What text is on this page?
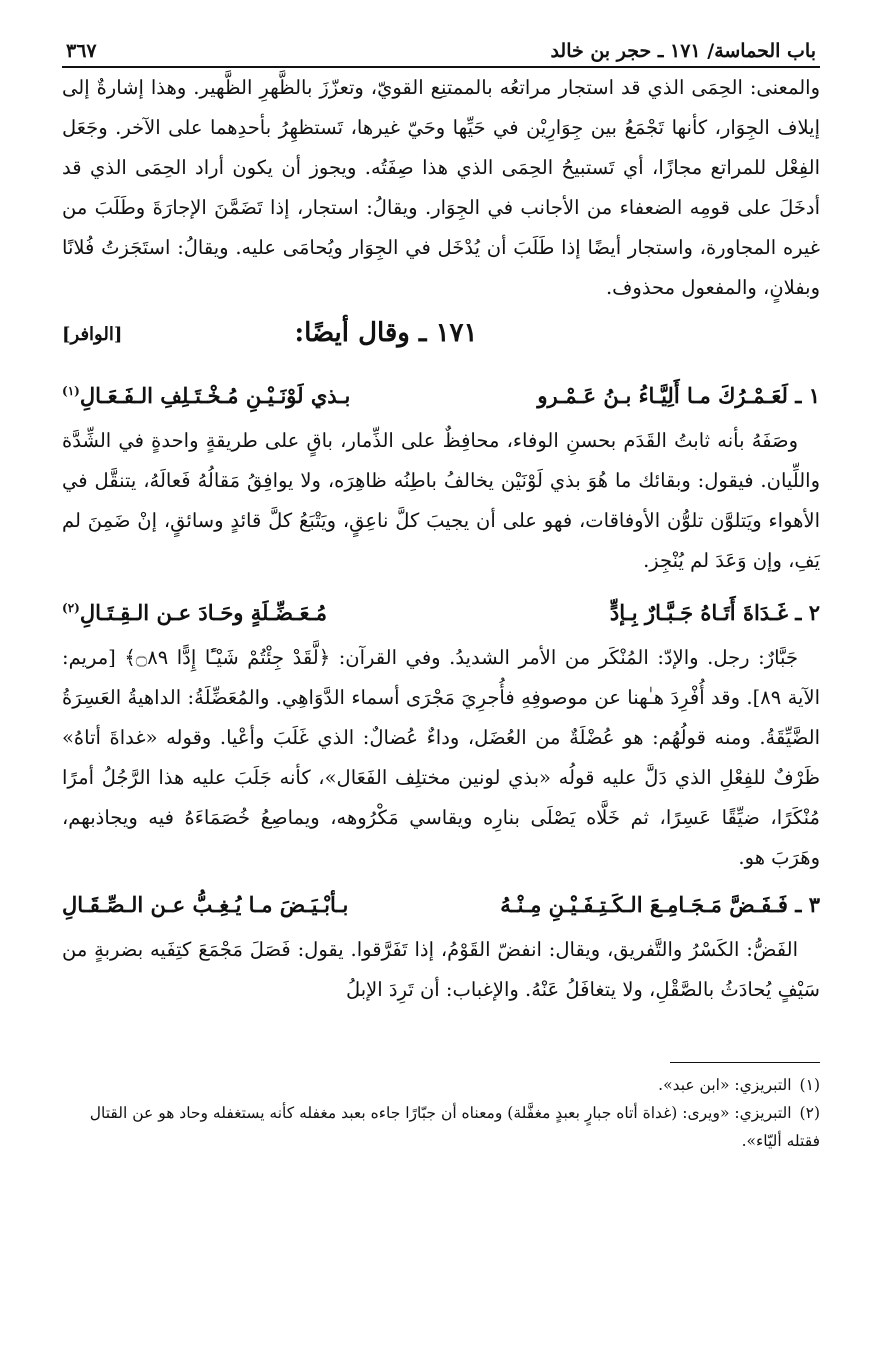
باب الحماسة/ ١٧١ ـ حجر بن خالد
٣٦٧

والمعنى: الحِمَى الذي قد استجار مراتعُه بالممتنِع القويّ، وتعزّزَ بالظَّهرِ الظَّهير. وهذا إشارةٌ إلى إيلاف الجِوَار، كأنها تَجْمَعُ بين جِوَارِيْن في حَيِّها وحَيّ غيرها، تَستظهِرُ بأحدِهما على الآخر. وجَعَل الفِعْل للمراتع مجازًا، أي تَستبيحُ الحِمَى الذي هذا صِفَتُه. ويجوز أن يكون أراد الحِمَى الذي قد أدخَلَ على قومِه الضعفاء من الأجانب في الجِوَار. ويقالُ: استجار، إذا تَضَمَّنَ الإجارَةَ وطَلَبَ من غيره المجاورة، واستجار أيضًا إذا طَلَبَ أن يُدْخَل في الجِوَار ويُحامَى عليه. ويقالُ: استَجَزتُ فُلانًا وبفلانٍ، والمفعول محذوف.

١٧١ ـ وقال أيضًا:
[الوافر]
١ ـ لَعَـمْـرُكَ مـا أَلِيَّـاءُ بـنُ عَـمْـرو
بـذي لَوْنَـيْـنِ مُـخْـتَـلِفِ الـفَـعَـالِ$^{(١)}$

وصَفَهُ بأنه ثابتُ القَدَم بحسنِ الوفاء، محافِظٌ على الذِّمار، باقٍ على طريقةٍ واحدةٍ في الشِّدَّة واللِّيان. فيقول: وبقائك ما هُوَ بذي لَوْنَيْن يخالفُ باطِنُه ظاهِرَه، ولا يوافِقُ مَقالُهُ فَعالَهُ، يتنقَّل في الأهواء ويَتلوَّن تلوُّن الأوفاقات، فهو على أن يجيبَ كلَّ ناعِقٍ، ويَتْبَعُ كلَّ قائدٍ وسائقٍ، إنْ ضَمِنَ لم يَفِ، وإن وَعَدَ لم يُنْجِز.

٢ ـ غَـدَاةَ أَتَـاهُ جَـبَّـارٌ بِـإدٍّ
مُـعَـضِّـلَةٍ وحَـادَ عـن الـقِـتَـالِ$^{(٢)}$

جَبَّارٌ: رجل. والإدّ: المُنْكَر من الأمر الشديدُ. وفي القرآن: ﴿لَّقَدْ جِئْتُمْ شَيْـًٔا إِدًّا ۝٨٩﴾ [مريم: الآية ٨٩]. وقد أُفْرِدَ هـٰهنا عن موصوفِهِ فأُجرِيَ مَجْرَى أسماء الدَّوَاهِي. والمُعَضِّلَةُ: الداهيةُ العَسِرَةُ الضَّيِّقَةُ. ومنه قولُهُم: هو عُضْلَةٌ من العُضَل، وداءٌ عُضالٌ: الذي غَلَبَ وأعْيا. وقوله «غداةَ أتاهُ» ظَرْفٌ للفِعْلِ الذي دَلَّ عليه قولُه «بذي لونين مختلِف الفَعَال»، كأنه جَلَبَ عليه هذا الرَّجُلُ أمرًا مُنْكَرًا، ضيِّقًا عَسِرًا، ثم خَلَّاه يَصْلَى بنارِه ويقاسي مَكْرُوهه، ويماصِعُ خُصَمَاءَهُ فيه ويجاذبهم، وهَرَبَ هو.

٣ ـ فَـفَـضَّ مَـجَـامِـعَ الـكَـتِـفَـيْـنِ مِـنْـهُ
بـأبْـيَـضَ مـا يُـغِـبُّ عـن الـصِّـقَـالِ

الفَضُّ: الكَسْرُ والتَّفريق، ويقال: انفضّ القَوْمُ، إذا تَفَرَّقوا. يقول: فَصَلَ مَجْمَعَ كتِفَيه بضربةٍ من سَيْفٍ يُحادَثُ بالصَّقْلِ، ولا يتغافَلُ عَنْهُ. والإغباب: أن تَرِدَ الإبلُ

(١)التبريزي: «ابن عبد».

(٢)التبريزي: «ويرى: (غداة أتاه جبارٍ بعبدٍ مغفَّلة) ومعناه أن جبّارًا جاءه بعبد مغفله كأنه يستغفله وحاد هو عن القتال فقتله أليّاء».
